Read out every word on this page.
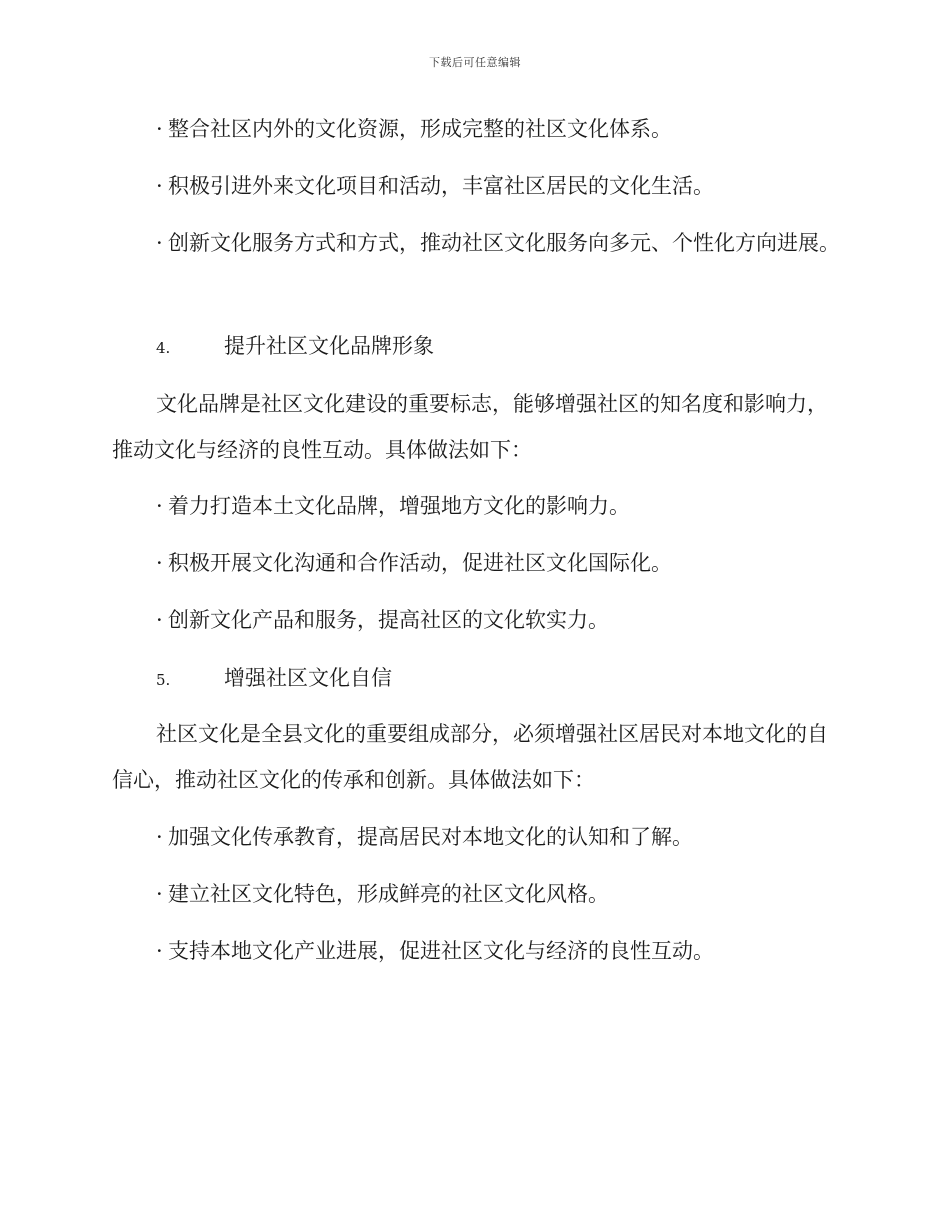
下载后可任意编辑

· 整合社区内外的文化资源，形成完整的社区文化体系。

· 积极引进外来文化项目和活动，丰富社区居民的文化生活。

· 创新文化服务方式和方式，推动社区文化服务向多元、个性化方向进展。

4.	提升社区文化品牌形象

文化品牌是社区文化建设的重要标志，能够增强社区的知名度和影响力，推动文化与经济的良性互动。具体做法如下：

· 着力打造本土文化品牌，增强地方文化的影响力。

· 积极开展文化沟通和合作活动，促进社区文化国际化。

· 创新文化产品和服务，提高社区的文化软实力。

5.	增强社区文化自信

社区文化是全县文化的重要组成部分，必须增强社区居民对本地文化的自信心，推动社区文化的传承和创新。具体做法如下：

· 加强文化传承教育，提高居民对本地文化的认知和了解。

· 建立社区文化特色，形成鲜亮的社区文化风格。

· 支持本地文化产业进展，促进社区文化与经济的良性互动。
